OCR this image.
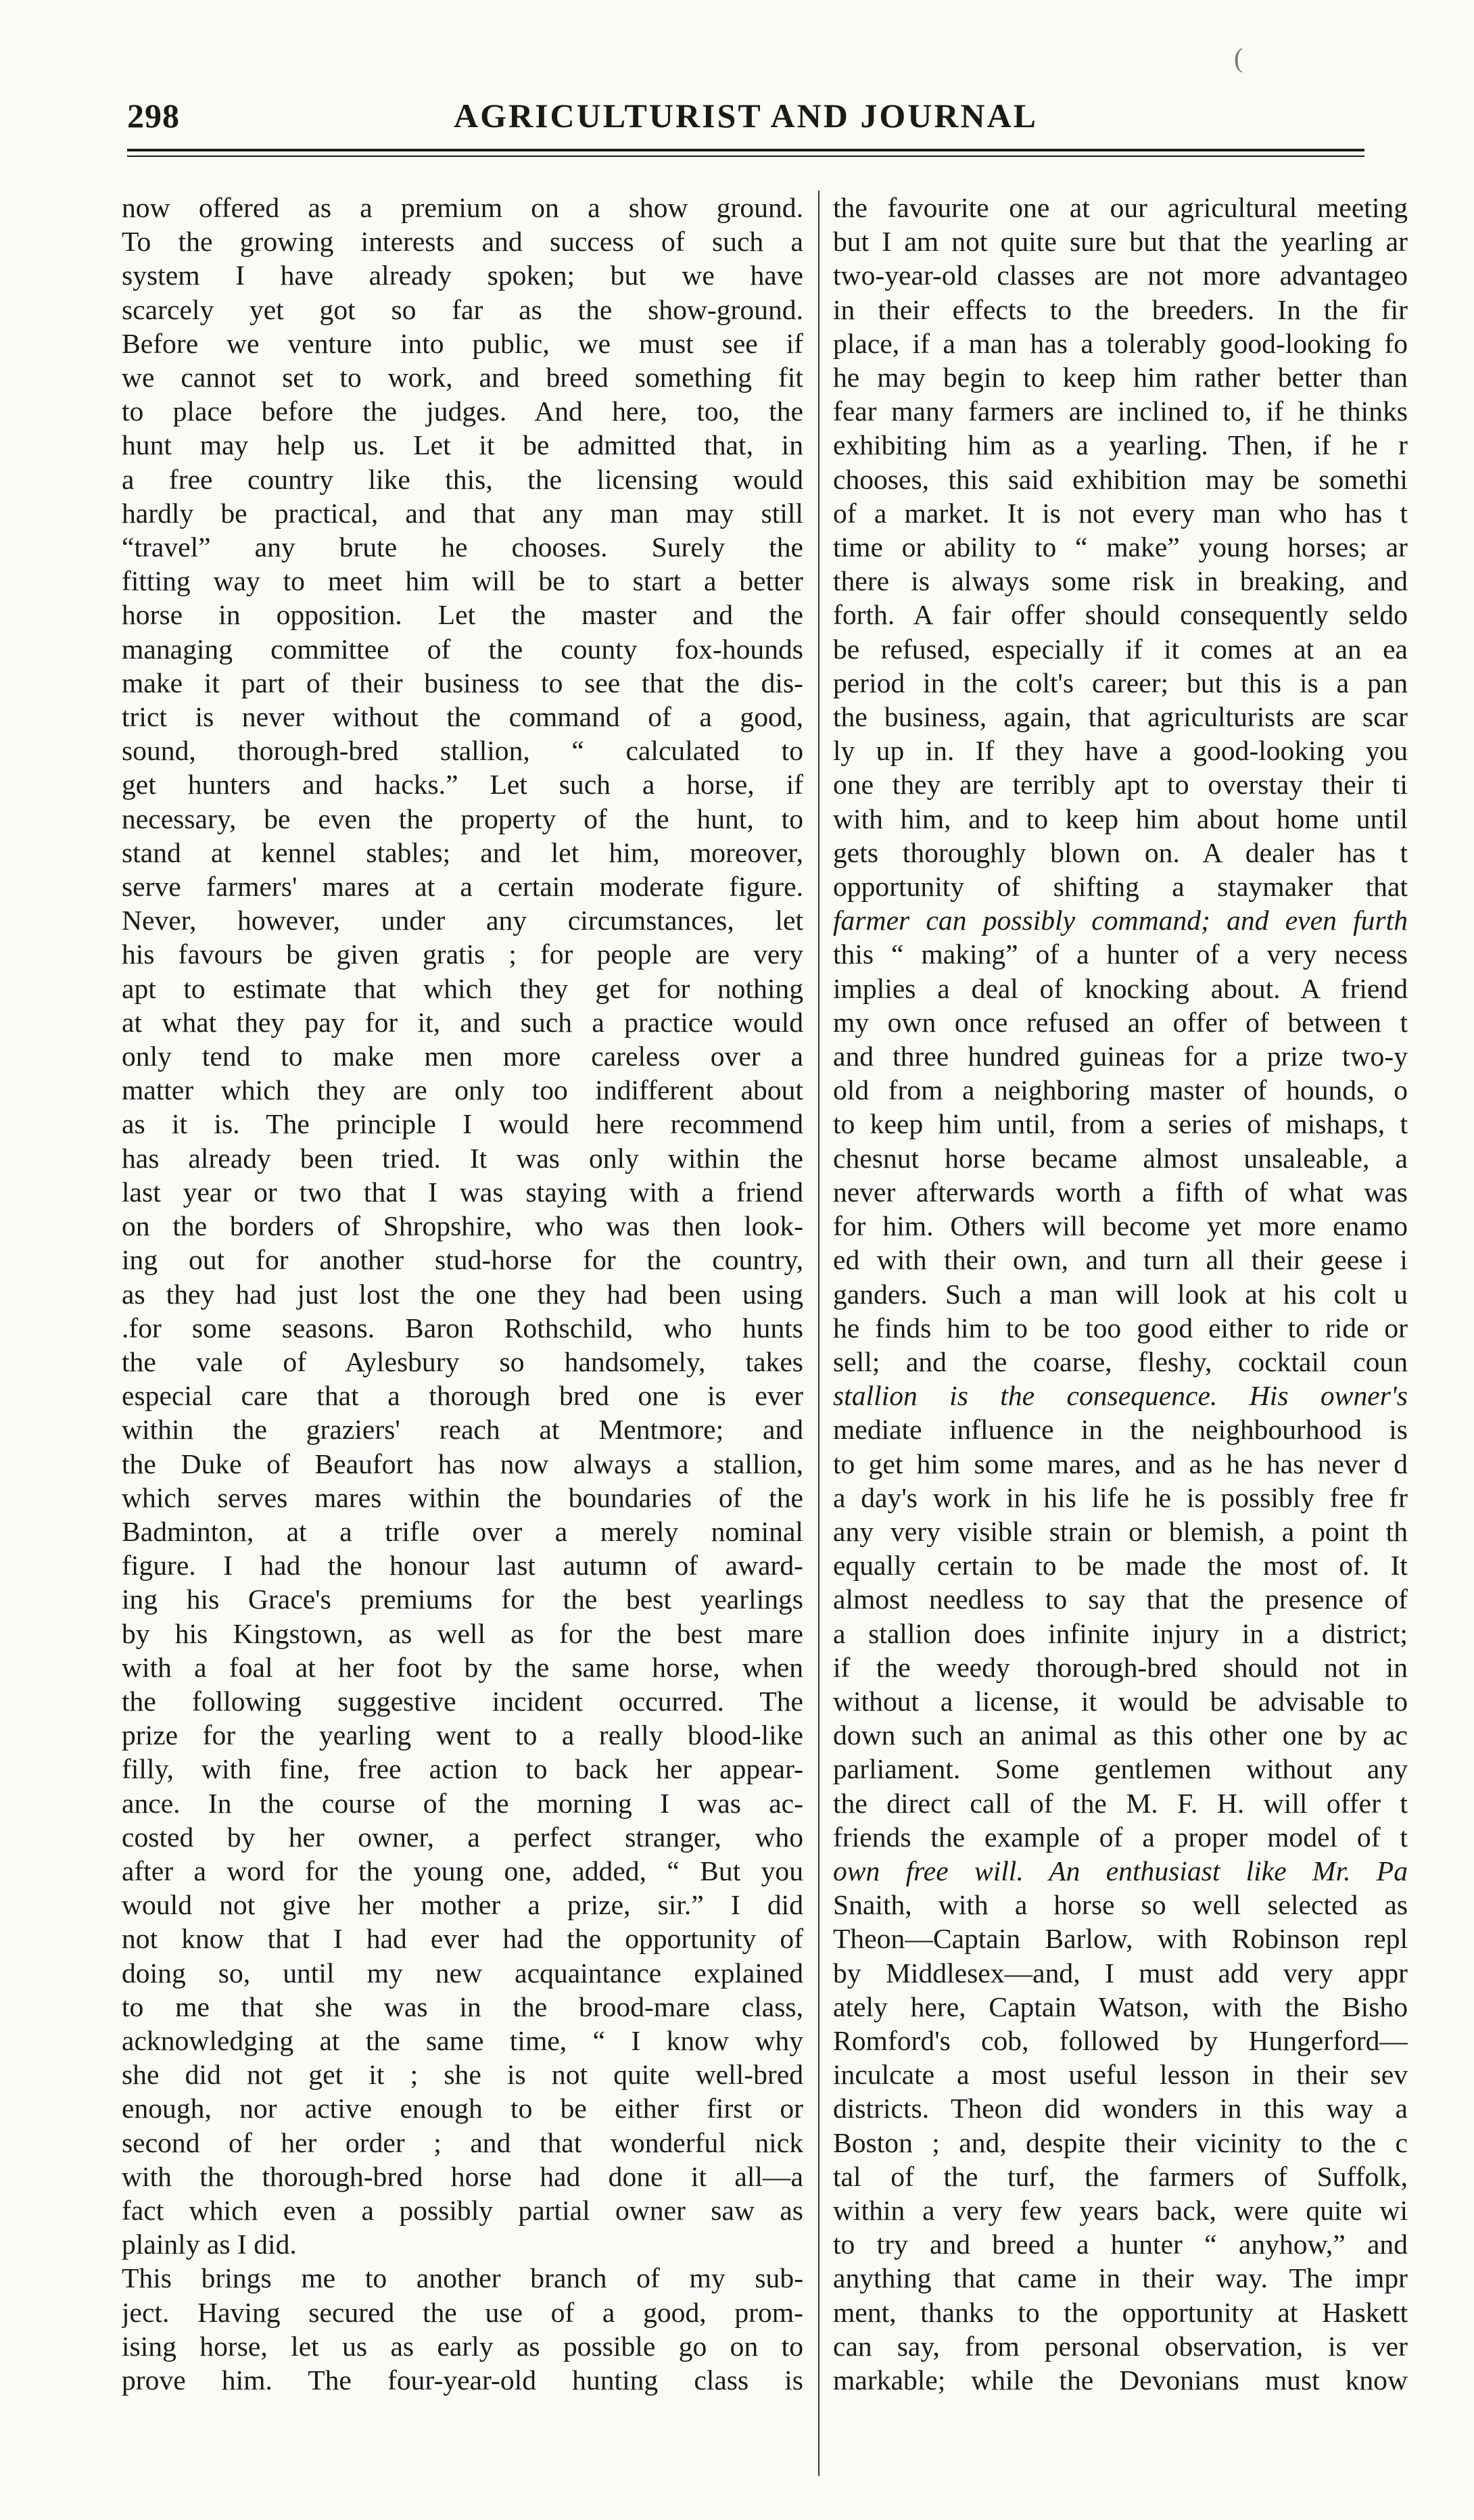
(
298	AGRICULTURIST AND JOURNAL
now offered as a premium on a show ground.
To the growing interests and success of such a
system I have already spoken; but we have
scarcely yet got so far as the show-ground.
Before we venture into public, we must see if
we cannot set to work, and breed something fit
to place before the judges. And here, too, the
hunt may help us. Let it be admitted that, in
a free country like this, the licensing would
hardly be practical, and that any man may still
“travel” any brute he chooses. Surely the
fitting way to meet him will be to start a better
horse in opposition. Let the master and the
managing committee of the county fox-hounds
make it part of their business to see that the dis-
trict is never without the command of a good,
sound, thorough-bred stallion, “ calculated to
get hunters and hacks.” Let such a horse, if
necessary, be even the property of the hunt, to
stand at kennel stables; and let him, moreover,
serve farmers' mares at a certain moderate figure.
Never, however, under any circumstances, let
his favours be given gratis ; for people are very
apt to estimate that which they get for nothing
at what they pay for it, and such a practice would
only tend to make men more careless over a
matter which they are only too indifferent about
as it is. The principle I would here recommend
has already been tried. It was only within the
last year or two that I was staying with a friend
on the borders of Shropshire, who was then look-
ing out for another stud-horse for the country,
as they had just lost the one they had been using
.for some seasons. Baron Rothschild, who hunts
the vale of Aylesbury so handsomely, takes
especial care that a thorough bred one is ever
within the graziers' reach at Mentmore; and
the Duke of Beaufort has now always a stallion,
which serves mares within the boundaries of the
Badminton, at a trifle over a merely nominal
figure. I had the honour last autumn of award-
ing his Grace's premiums for the best yearlings
by his Kingstown, as well as for the best mare
with a foal at her foot by the same horse, when
the following suggestive incident occurred. The
prize for the yearling went to a really blood-like
filly, with fine, free action to back her appear-
ance. In the course of the morning I was ac-
costed by her owner, a perfect stranger, who
after a word for the young one, added, “ But you
would not give her mother a prize, sir.” I did
not know that I had ever had the opportunity of
doing so, until my new acquaintance explained
to me that she was in the brood-mare class,
acknowledging at the same time, “ I know why
she did not get it ; she is not quite well-bred
enough, nor active enough to be either first or
second of her order ; and that wonderful nick
with the thorough-bred horse had done it all—a
fact which even a possibly partial owner saw as
plainly as I did.
This brings me to another branch of my sub-
ject. Having secured the use of a good, prom-
ising horse, let us as early as possible go on to
prove him. The four-year-old hunting class is
the favourite one at our agricultural meeting
but I am not quite sure but that the yearling ar
two-year-old classes are not more advantageo
in their effects to the breeders. In the fir
place, if a man has a tolerably good-looking fo
he may begin to keep him rather better than
fear many farmers are inclined to, if he thinks
exhibiting him as a yearling. Then, if he r
chooses, this said exhibition may be somethi
of a market. It is not every man who has t
time or ability to “ make” young horses; ar
there is always some risk in breaking, and
forth. A fair offer should consequently seldo
be refused, especially if it comes at an ea
period in the colt's career; but this is a pan
the business, again, that agriculturists are scar
ly up in. If they have a good-looking you
one they are terribly apt to overstay their ti
with him, and to keep him about home until
gets thoroughly blown on. A dealer has t
opportunity of shifting a staymaker that
farmer can possibly command; and even furth
this “ making” of a hunter of a very necess
implies a deal of knocking about. A friend
my own once refused an offer of between t
and three hundred guineas for a prize two-y
old from a neighboring master of hounds, o
to keep him until, from a series of mishaps, t
chesnut horse became almost unsaleable, a
never afterwards worth a fifth of what was
for him. Others will become yet more enamo
ed with their own, and turn all their geese i
ganders. Such a man will look at his colt u
he finds him to be too good either to ride or
sell; and the coarse, fleshy, cocktail coun
stallion is the consequence. His owner's
mediate influence in the neighbourhood is
to get him some mares, and as he has never d
a day's work in his life he is possibly free fr
any very visible strain or blemish, a point th
equally certain to be made the most of. It
almost needless to say that the presence of
a stallion does infinite injury in a district;
if the weedy thorough-bred should not in
without a license, it would be advisable to
down such an animal as this other one by ac
parliament. Some gentlemen without any
the direct call of the M. F. H. will offer t
friends the example of a proper model of t
own free will. An enthusiast like Mr. Pa
Snaith, with a horse so well selected as
Theon—Captain Barlow, with Robinson repl
by Middlesex—and, I must add very appr
ately here, Captain Watson, with the Bisho
Romford's cob, followed by Hungerford—
inculcate a most useful lesson in their sev
districts. Theon did wonders in this way a
Boston ; and, despite their vicinity to the c
tal of the turf, the farmers of Suffolk,
within a very few years back, were quite wi
to try and breed a hunter “ anyhow,” and
anything that came in their way. The impr
ment, thanks to the opportunity at Haskett
can say, from personal observation, is ver
markable; while the Devonians must know
